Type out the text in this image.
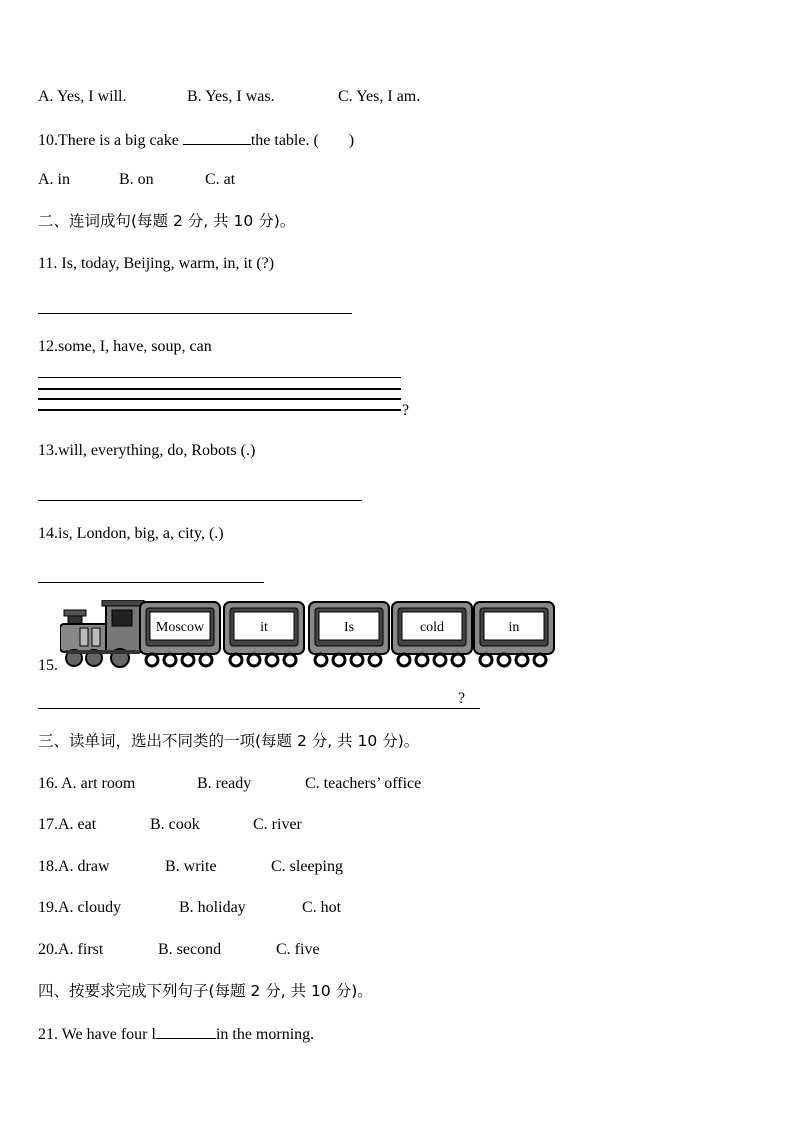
A. Yes, I will.	B. Yes, I was.	C. Yes, I am.
10.There is a big cake	the table. ( )
A. in	B. on	C. at
二、连词成句(每题 2 分, 共 10 分)。
11. Is, today, Beijing, warm, in, it (?)
12.some, I, have, soup, can
?
13.will, everything, do, Robots (.)
14.is, London, big, a, city, (.)
15.
Moscow	it	Is	cold	in
?
三、读单词，选出不同类的一项(每题 2 分, 共 10 分)。
16. A. art room	B. ready	C. teachers’ office
17.A. eat	B. cook	C. river
18.A. draw	B. write	C. sleeping
19.A. cloudy	B. holiday	C. hot
20.A. first	B. second	C. five
四、按要求完成下列句子(每题 2 分, 共 10 分)。
21. We have four l	in the morning.
